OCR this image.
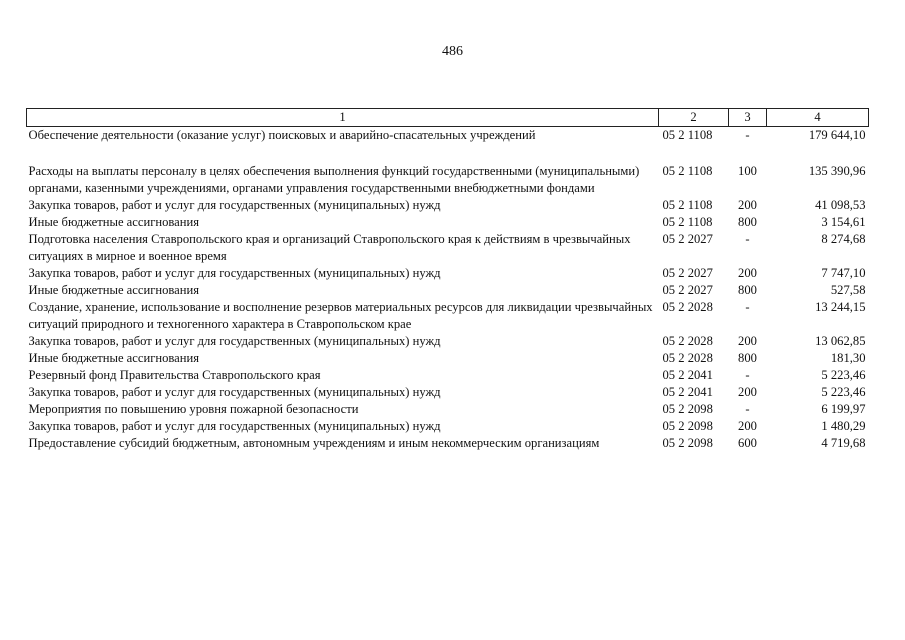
486
1	2	3	4
Обеспечение деятельности (оказание услуг) поисковых и аварийно-спасательных учреждений	05 2 1108	-	179 644,10
Расходы на выплаты персоналу в целях обеспечения выполнения функций государственными (муниципальными) органами, казенными учреждениями, органами управления государственными внебюджетными фондами	05 2 1108	100	135 390,96
Закупка товаров, работ и услуг для государственных (муниципальных) нужд	05 2 1108	200	41 098,53
Иные бюджетные ассигнования	05 2 1108	800	3 154,61
Подготовка населения Ставропольского края и организаций Ставропольского края к действиям в чрезвычайных ситуациях в мирное и военное время	05 2 2027	-	8 274,68
Закупка товаров, работ и услуг для государственных (муниципальных) нужд	05 2 2027	200	7 747,10
Иные бюджетные ассигнования	05 2 2027	800	527,58
Создание, хранение, использование и восполнение резервов материальных ресурсов для ликвидации чрезвычайных ситуаций природного и техногенного характера в Ставропольском крае	05 2 2028	-	13 244,15
Закупка товаров, работ и услуг для государственных (муниципальных) нужд	05 2 2028	200	13 062,85
Иные бюджетные ассигнования	05 2 2028	800	181,30
Резервный фонд Правительства Ставропольского края	05 2 2041	-	5 223,46
Закупка товаров, работ и услуг для государственных (муниципальных) нужд	05 2 2041	200	5 223,46
Мероприятия по повышению уровня пожарной безопасности	05 2 2098	-	6 199,97
Закупка товаров, работ и услуг для государственных (муниципальных) нужд	05 2 2098	200	1 480,29
Предоставление субсидий бюджетным, автономным учреждениям и иным некоммерческим организациям	05 2 2098	600	4 719,68
